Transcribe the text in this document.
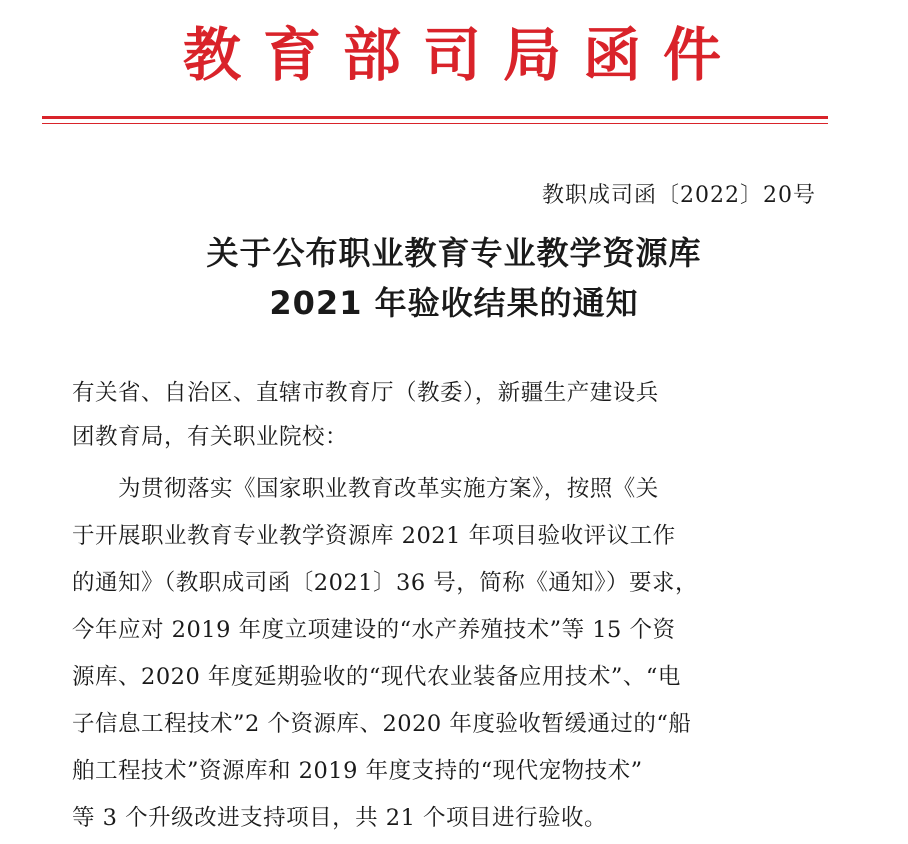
教育部司局函件
教职成司函〔2022〕20号
关于公布职业教育专业教学资源库
2021 年验收结果的通知
有关省、自治区、直辖市教育厅（教委），新疆生产建设兵
团教育局，有关职业院校：
为贯彻落实《国家职业教育改革实施方案》，按照《关
于开展职业教育专业教学资源库 2021 年项目验收评议工作
的通知》（教职成司函〔2021〕36 号，简称《通知》）要求，
今年应对 2019 年度立项建设的“水产养殖技术”等 15 个资
源库、2020 年度延期验收的“现代农业装备应用技术”、“电
子信息工程技术”2 个资源库、2020 年度验收暂缓通过的“船
舶工程技术”资源库和 2019 年度支持的“现代宠物技术”
等 3 个升级改进支持项目，共 21 个项目进行验收。
